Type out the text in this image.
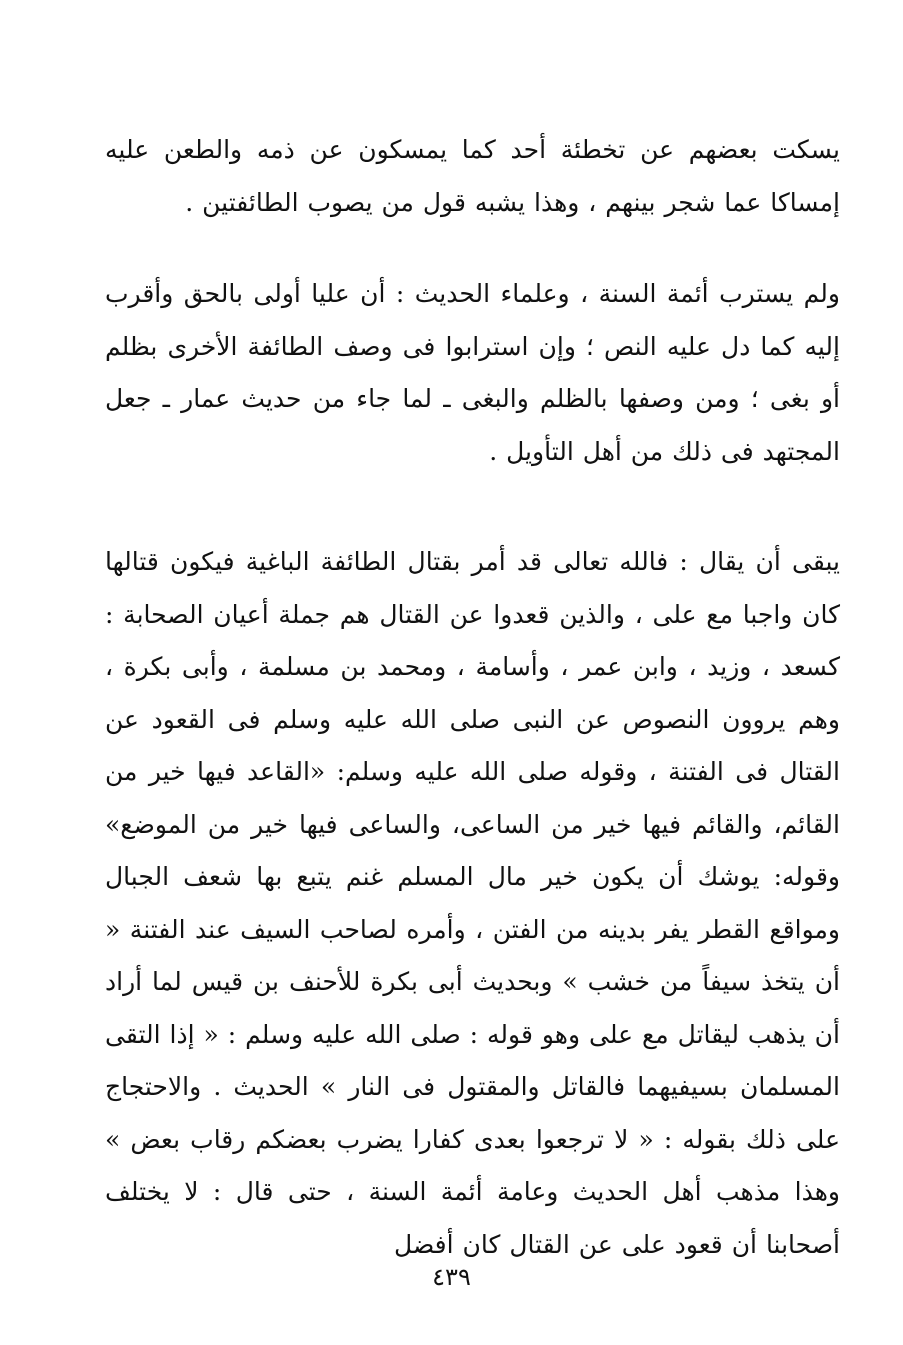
يسكت بعضهم عن تخطئة أحد كما يمسكون عن ذمه والطعن عليه إمساكا عما شجر بينهم ، وهذا يشبه قول من يصوب الطائفتين .

ولم يسترب أئمة السنة ، وعلماء الحديث : أن عليا أولى بالحق وأقرب إليه كما دل عليه النص ؛ وإن استرابوا فى وصف الطائفة الأخرى بظلم أو بغى ؛ ومن وصفها بالظلم والبغى ـ لما جاء من حديث عمار ـ جعل المجتهد فى ذلك من أهل التأويل .

يبقى أن يقال : فالله تعالى قد أمر بقتال الطائفة الباغية فيكون قتالها كان واجبا مع على ، والذين قعدوا عن القتال هم جملة أعيان الصحابة : كسعد ، وزيد ، وابن عمر ، وأسامة ، ومحمد بن مسلمة ، وأبى بكرة ، وهم يروون النصوص عن النبى صلى الله عليه وسلم فى القعود عن القتال فى الفتنة ، وقوله صلى الله عليه وسلم: «القاعد فيها خير من القائم، والقائم فيها خير من الساعى، والساعى فيها خير من الموضع» وقوله: يوشك أن يكون خير مال المسلم غنم يتبع بها شعف الجبال ومواقع القطر يفر بدينه من الفتن ، وأمره لصاحب السيف عند الفتنة « أن يتخذ سيفاً من خشب » وبحديث أبى بكرة للأحنف بن قيس لما أراد أن يذهب ليقاتل مع على وهو قوله : صلى الله عليه وسلم : « إذا التقى المسلمان بسيفيهما فالقاتل والمقتول فى النار » الحديث . والاحتجاج على ذلك بقوله : « لا ترجعوا بعدى كفارا يضرب بعضكم رقاب بعض » وهذا مذهب أهل الحديث وعامة أئمة السنة ، حتى قال : لا يختلف أصحابنا أن قعود على عن القتال كان أفضل

٤٣٩
